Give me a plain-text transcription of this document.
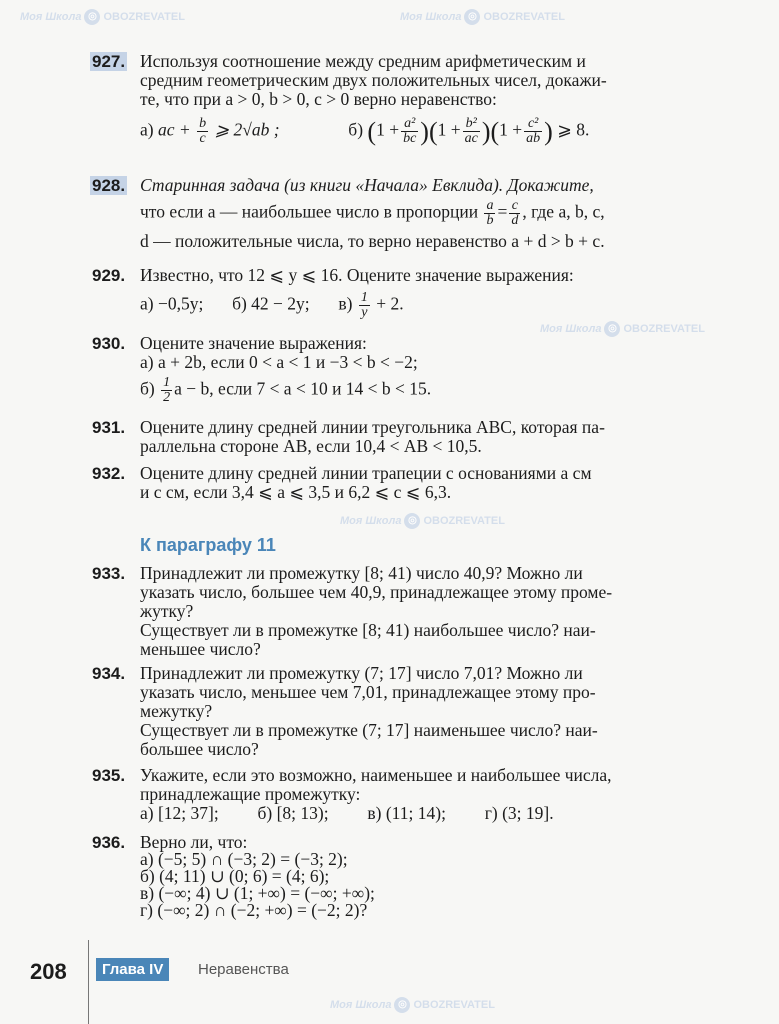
Моя Школа ◎ OBOZREVATEL	Моя Школа ◎ OBOZREVATEL
Моя Школа ◎ OBOZREVATEL
Моя Школа ◎ OBOZREVATEL
Моя Школа ◎ OBOZREVATEL
927. Используя соотношение между средним арифметическим и
средним геометрическим двух положительных чисел, докажи-
те, что при a > 0, b > 0, c > 0 верно неравенство:
а) ac + $\frac{b}{c}$ ⩾ 2√ab ;	б) $(1 + \frac{\text{a²}}{bc} )(1 + \frac{\text{b²}}{ac} )(1 + \frac{\text{c²}}{ab}$ ) ⩾ 8.
928. Старинная задача (из книги «Начала» Евклида). Докажите,
что если a — наибольшее число в пропорции $\frac{a}{b} = \frac{c}{d}$ , где a, b, c,
d — положительные числа, то верно неравенство a + d > b + c.
929. Известно, что 12 ⩽ y ⩽ 16. Оцените значение выражения:
а) −0,5y; б) 42 − 2y; $в) \frac{1}{y} + 2$.
930. Оцените значение выражения:
а) a + 2b, если 0 < a < 1 и −3 < b < −2;
$б) \frac{1}{2}$ a − b, если 7 < a < 10 и 14 < b < 15.
931. Оцените длину средней линии треугольника ABC, которая па-
раллельна стороне AB, если 10,4 < AB < 10,5.
932. Оцените длину средней линии трапеции с основаниями a см
и c см, если 3,4 ⩽ a ⩽ 3,5 и 6,2 ⩽ c ⩽ 6,3.
К параграфу 11
933. Принадлежит ли промежутку [8; 41) число 40,9? Можно ли
указать число, большее чем 40,9, принадлежащее этому проме-
жутку?
Существует ли в промежутке [8; 41) наибольшее число? наи-
меньшее число?
934. Принадлежит ли промежутку (7; 17] число 7,01? Можно ли
указать число, меньшее чем 7,01, принадлежащее этому про-
межутку?
Существует ли в промежутке (7; 17] наименьшее число? наи-
большее число?
935. Укажите, если это возможно, наименьшее и наибольшее числа,
принадлежащие промежутку:
а) [12; 37]; б) [8; 13); в) (11; 14); г) (3; 19].
936. Верно ли, что:
а) (−5; 5) ∩ (−3; 2) = (−3; 2);
б) (4; 11) ∪ (0; 6) = (4; 6);
в) (−∞; 4) ∪ (1; +∞) = (−∞; +∞);
г) (−∞; 2) ∩ (−2; +∞) = (−2; 2)?
208	Глава IV	Неравенства
